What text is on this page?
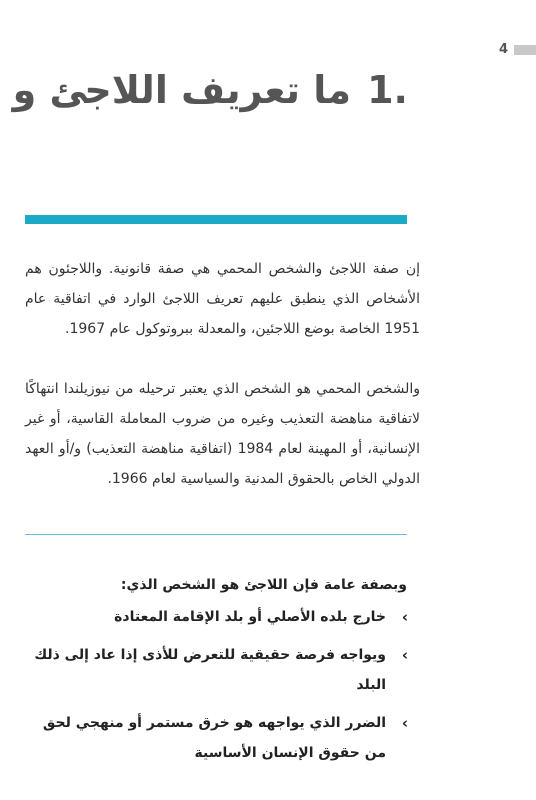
4
1.
ما تعريف اللاجئ و

إن صفة اللاجئ والشخص المحمي هي صفة قانونية. واللاجئون هم الأشخاص الذي ينطبق عليهم تعريف اللاجئ الوارد في اتفاقية عام 1951 الخاصة بوضع اللاجئين، والمعدلة ببروتوكول عام 1967.

والشخص المحمي هو الشخص الذي يعتبر ترحيله من نيوزيلندا انتهاكًا لاتفاقية مناهضة التعذيب وغيره من ضروب المعاملة القاسية، أو غير الإنسانية، أو المهينة لعام 1984 (اتفاقية مناهضة التعذيب) و/أو العهد الدولي الخاص بالحقوق المدنية والسياسية لعام 1966.

وبصفة عامة فإن اللاجئ هو الشخص الذي:
›
خارج بلده الأصلي أو بلد الإقامة المعتادة
›
ويواجه فرصة حقيقية للتعرض للأذى إذا عاد إلى ذلك البلد
›
الضرر الذي يواجهه هو خرق مستمر أو منهجي لحق من حقوق الإنسان الأساسية
